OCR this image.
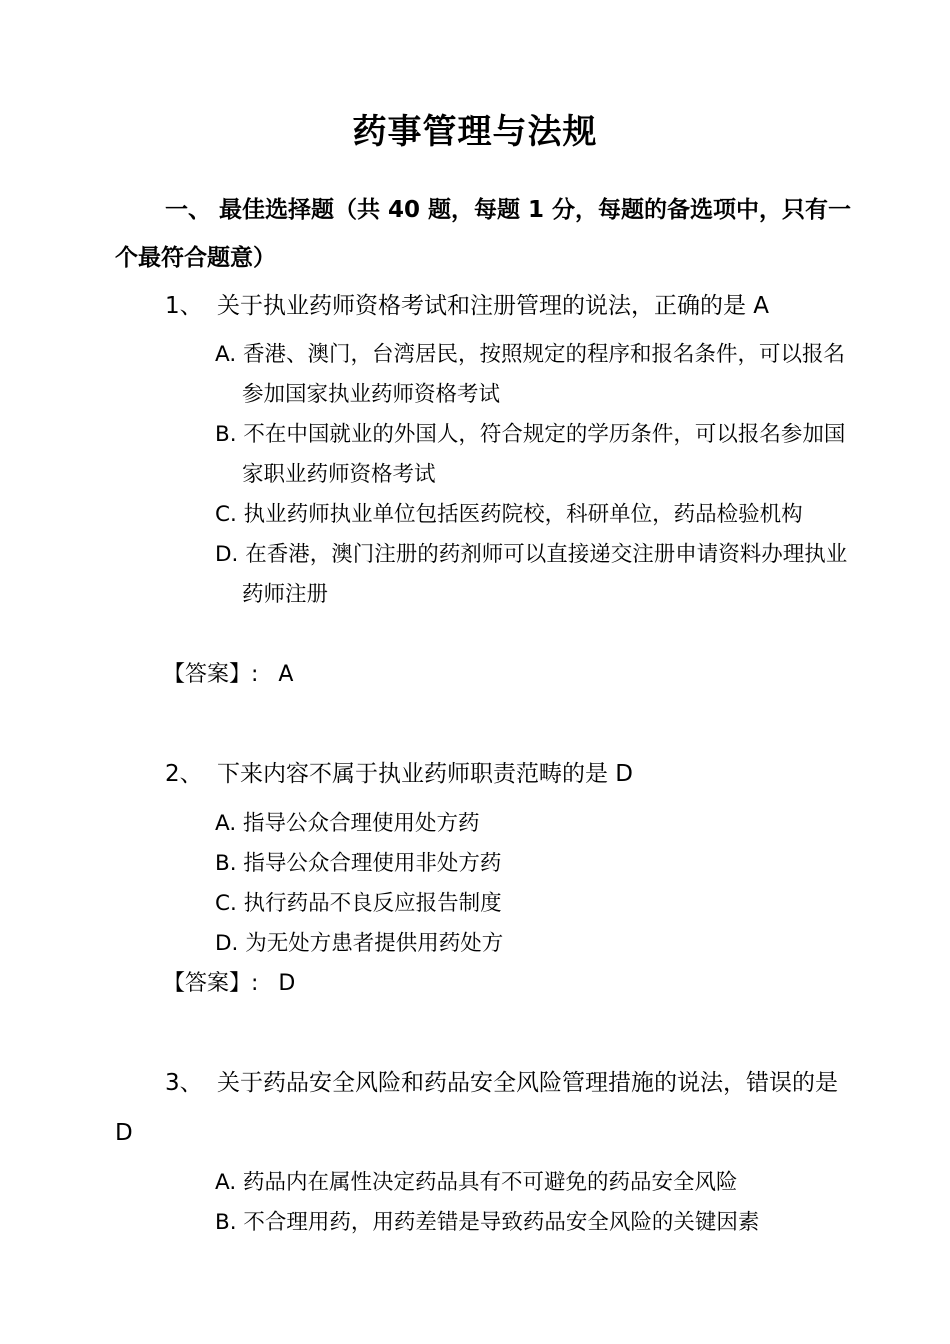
药事管理与法规
一、 最佳选择题（共 40 题，每题 1 分，每题的备选项中，只有一个最符合题意）
1、 关于执业药师资格考试和注册管理的说法，正确的是 A
A. 香港、澳门，台湾居民，按照规定的程序和报名条件，可以报名参加国家执业药师资格考试
B. 不在中国就业的外国人，符合规定的学历条件，可以报名参加国家职业药师资格考试
C. 执业药师执业单位包括医药院校，科研单位，药品检验机构
D. 在香港，澳门注册的药剂师可以直接递交注册申请资料办理执业药师注册
【答案】: A
2、 下来内容不属于执业药师职责范畴的是 D
A. 指导公众合理使用处方药
B. 指导公众合理使用非处方药
C. 执行药品不良反应报告制度
D. 为无处方患者提供用药处方
【答案】: D
3、 关于药品安全风险和药品安全风险管理措施的说法，错误的是 D
A. 药品内在属性决定药品具有不可避免的药品安全风险
B. 不合理用药，用药差错是导致药品安全风险的关键因素
